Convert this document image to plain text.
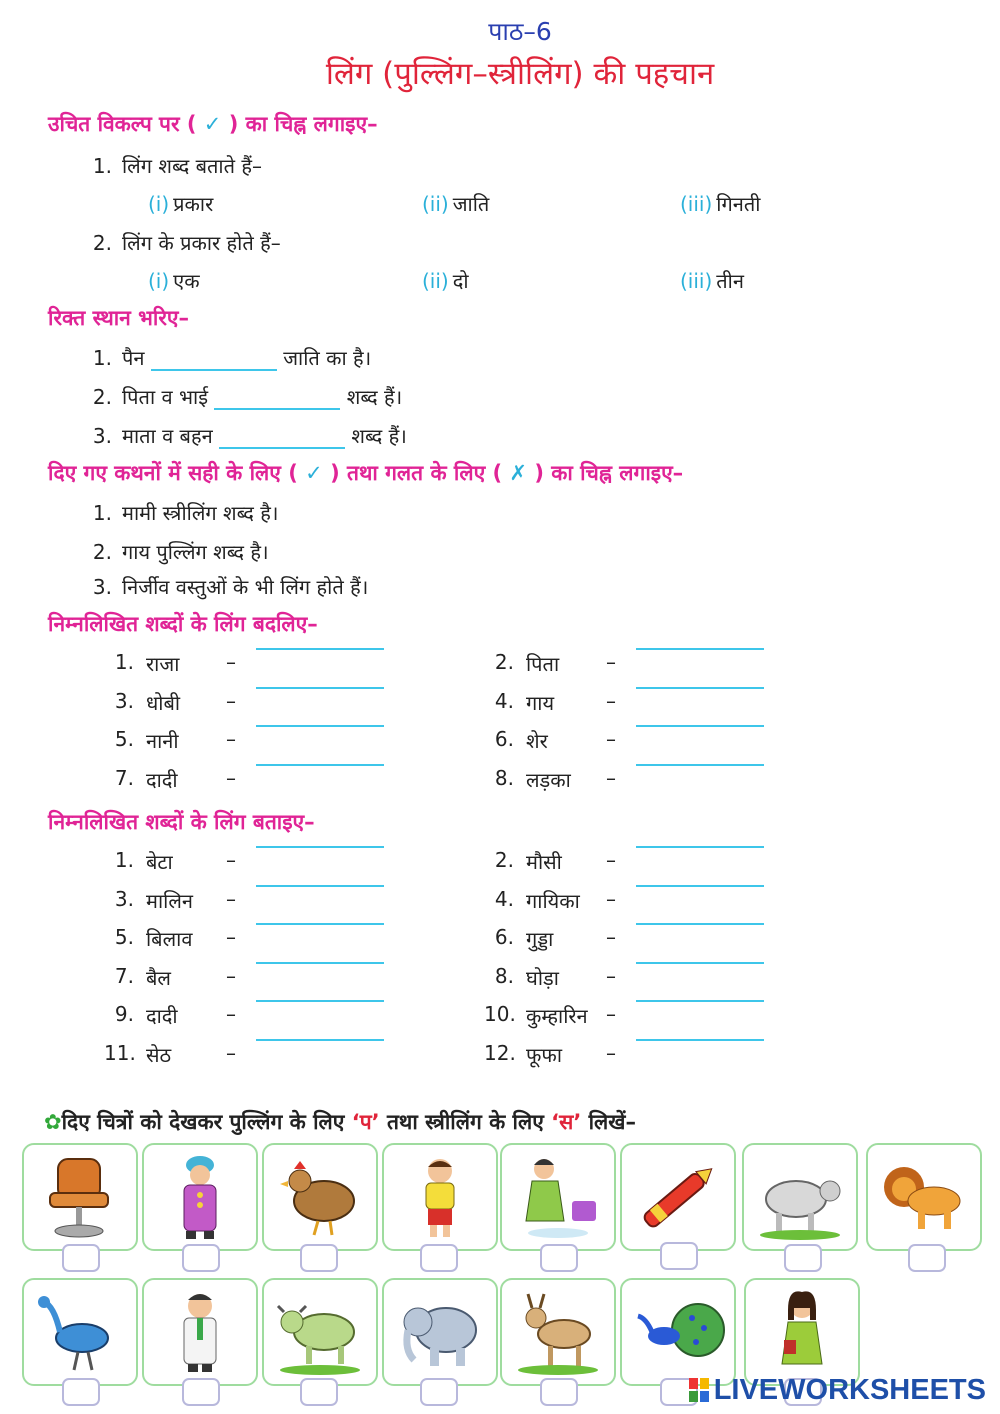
पाठ–6
लिंग (पुल्लिंग–स्त्रीलिंग) की पहचान
उचित विकल्प पर ( ✓ ) का चिह्न लगाइए–
1. लिंग शब्द बताते हैं–
(i) प्रकार	(ii) जाति	(iii) गिनती
2. लिंग के प्रकार होते हैं–
(i) एक	(ii) दो	(iii) तीन
रिक्त स्थान भरिए–
1. पैन	जाति का है।
2. पिता व भाई	शब्द हैं।
3. माता व बहन	शब्द हैं।
दिए गए कथनों में सही के लिए ( ✓ ) तथा गलत के लिए ( ✗ ) का चिह्न लगाइए–
1. मामी स्त्रीलिंग शब्द है।
2. गाय पुल्लिंग शब्द है।
3. निर्जीव वस्तुओं के भी लिंग होते हैं।
निम्नलिखित शब्दों के लिंग बदलिए–
1. राजा –	2. पिता –
3. धोबी –	4. गाय	–
5. नानी –	6. शेर	–
7. दादी –	8. लड़का –
निम्नलिखित शब्दों के लिंग बताइए–
1. बेटा	–	2. मौसी –
3. मालिन –	4. गायिका –
5. बिलाव –	6. गुड्डा	–
7. बैल	–	8. घोड़ा –
9. दादी –	10. कुम्हारिन –
11. सेठ	–	12. फूफा –
✿दिए चित्रों को देखकर पुल्लिंग के लिए ‘प’ तथा स्त्रीलिंग के लिए ‘स’ लिखें–
LIVEWORKSHEETS
